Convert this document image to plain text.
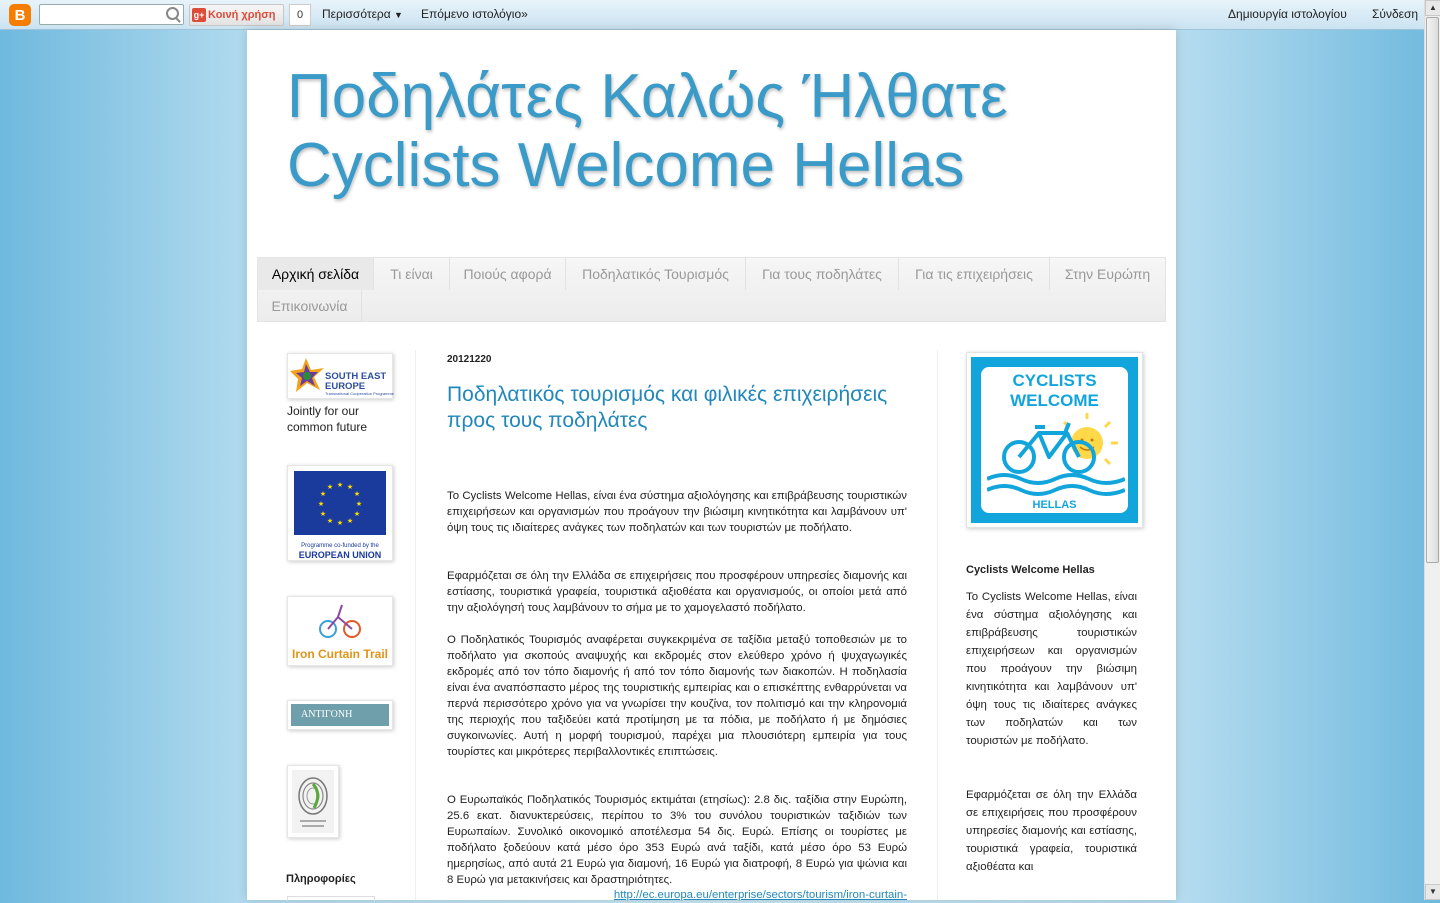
B	g+ Κοινή χρήση	0	Περισσότερα ▼ Επόμενο ιστολόγιο»	Δημιουργία ιστολογίου Σύνδεση	▲
▼
Ποδηλάτες Καλώς Ήλθατε
Cyclists Welcome Hellas
Αρχική σελίδα	Τι είναι	Ποιούς αφορά	Ποδηλατικός Τουρισμός	Για τους ποδηλάτες	Για τις επιχειρήσεις	Στην Ευρώπη
Επικοινωνία
SOUTH EAST EUROPE
Transnational Cooperation Programme
Jointly for our common future
★ ★
★
★
★
★
★
★
★
★
★
★
Programme co-funded by the
EUROPEAN UNION
Iron Curtain Trail
ΑΝΤΙΓΟΝΗ
Πληροφορίες
20121220
Ποδηλατικός τουρισμός και φιλικές επιχειρήσεις προς τους ποδηλάτες

Το Cyclists Welcome Hellas, είναι ένα σύστημα αξιολόγησης και επιβράβευσης τουριστικών επιχειρήσεων και οργανισμών που προάγουν την βιώσιμη κινητικότητα και λαμβάνουν υπ' όψη τους τις ιδιαίτερες ανάγκες των ποδηλατών και των τουριστών με ποδήλατο.

Εφαρμόζεται σε όλη την Ελλάδα σε επιχειρήσεις που προσφέρουν υπηρεσίες διαμονής και εστίασης, τουριστικά γραφεία, τουριστικά αξιοθέατα και οργανισμούς, οι οποίοι μετά από την αξιολόγησή τους λαμβάνουν το σήμα με το χαμογελαστό ποδήλατο.

Ο Ποδηλατικός Τουρισμός αναφέρεται συγκεκριμένα σε ταξίδια μεταξύ τοποθεσιών με το ποδήλατο για σκοπούς αναψυχής και εκδρομές στον ελεύθερο χρόνο ή ψυχαγωγικές εκδρομές από τον τόπο διαμονής ή από τον τόπο διαμονής των διακοπών. Η ποδηλασία είναι ένα αναπόσπαστο μέρος της τουριστικής εμπειρίας και ο επισκέπτης ενθαρρύνεται να περνά περισσότερο χρόνο για να γνωρίσει την κουζίνα, τον πολιτισμό και την κληρονομιά της περιοχής που ταξιδεύει κατά προτίμηση με τα πόδια, με ποδήλατο ή με δημόσιες συγκοινωνίες. Αυτή η μορφή τουρισμού, παρέχει μια πλουσιότερη εμπειρία για τους τουρίστες και μικρότερες περιβαλλοντικές επιπτώσεις.

Ο Ευρωπαϊκός Ποδηλατικός Τουρισμός εκτιμάται (ετησίως): 2.8 δις. ταξίδια στην Ευρώπη, 25.6 εκατ. διανυκτερεύσεις, περίπου το 3% του συνόλου τουριστικών ταξιδιών των Ευρωπαίων. Συνολικό οικονομικό αποτέλεσμα 54 δις. Ευρώ. Επίσης οι τουρίστες με ποδήλατο ξοδεύουν κατά μέσο όρο 353 Ευρώ ανά ταξίδι, κατά μέσο όρο 53 Ευρώ ημερησίως, από αυτά 21 Ευρώ για διαμονή, 16 Ευρώ για διατροφή, 8 Ευρώ για ψώνια και 8 Ευρώ για μετακινήσεις και δραστηριότητες.

http://ec.europa.eu/enterprise/sectors/tourism/iron-curtain-
CYCLISTS
WELCOME
HELLAS
Cyclists Welcome Hellas

Το Cyclists Welcome Hellas, είναι ένα σύστημα αξιολόγησης και επιβράβευσης τουριστικών επιχειρήσεων και οργανισμών που προάγουν την βιώσιμη κινητικότητα και λαμβάνουν υπ' όψη τους τις ιδιαίτερες ανάγκες των ποδηλατών και των τουριστών με ποδήλατο.

Εφαρμόζεται σε όλη την Ελλάδα σε επιχειρήσεις που προσφέρουν υπηρεσίες διαμονής και εστίασης, τουριστικά γραφεία, τουριστικά αξιοθέατα και
